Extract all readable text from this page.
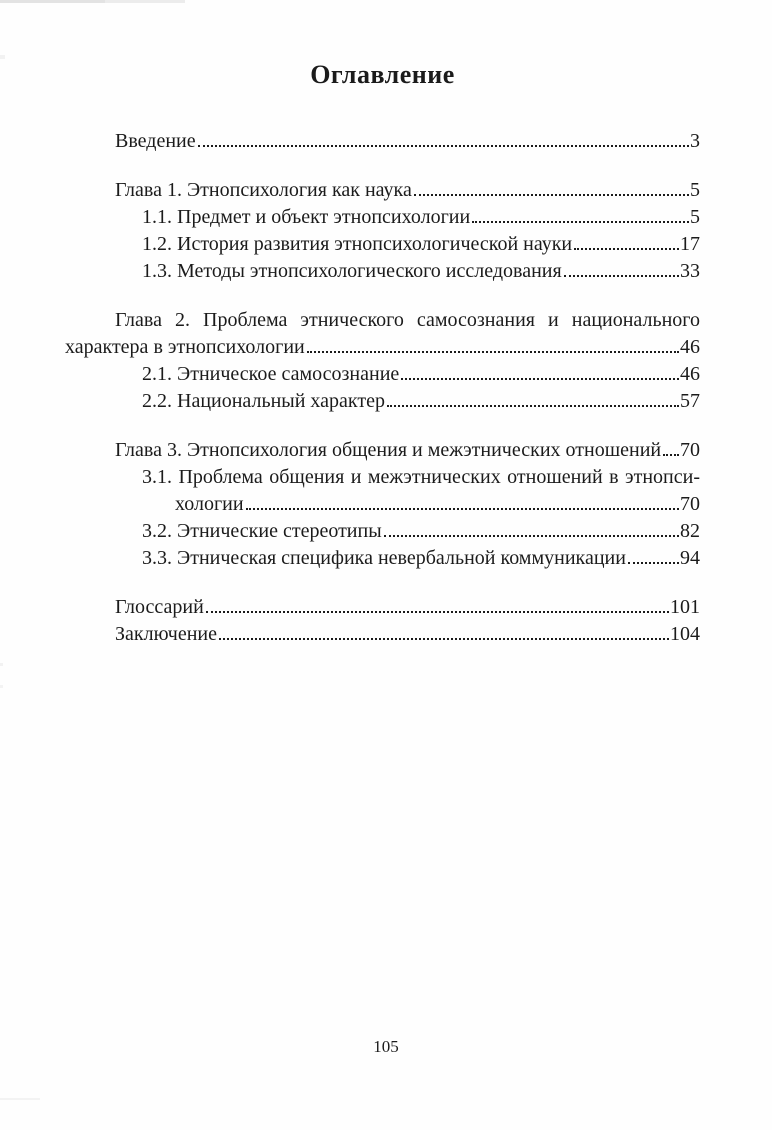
Оглавление
Введение	3
Глава 1. Этнопсихология как наука	5
1.1. Предмет и объект этнопсихологии	5
1.2. История развития этнопсихологической науки	17
1.3. Методы этнопсихологического исследования	33
Глава 2. Проблема этнического самосознания и национального
характера в этнопсихологии	46
2.1. Этническое самосознание	46
2.2. Национальный характер	57
Глава 3. Этнопсихология общения и межэтнических отношений 70
3.1. Проблема общения и межэтнических отношений в этнопси-
хологии	70
3.2. Этнические стереотипы	82
3.3. Этническая специфика невербальной коммуникации	94
Глоссарий	101
Заключение	104
105
